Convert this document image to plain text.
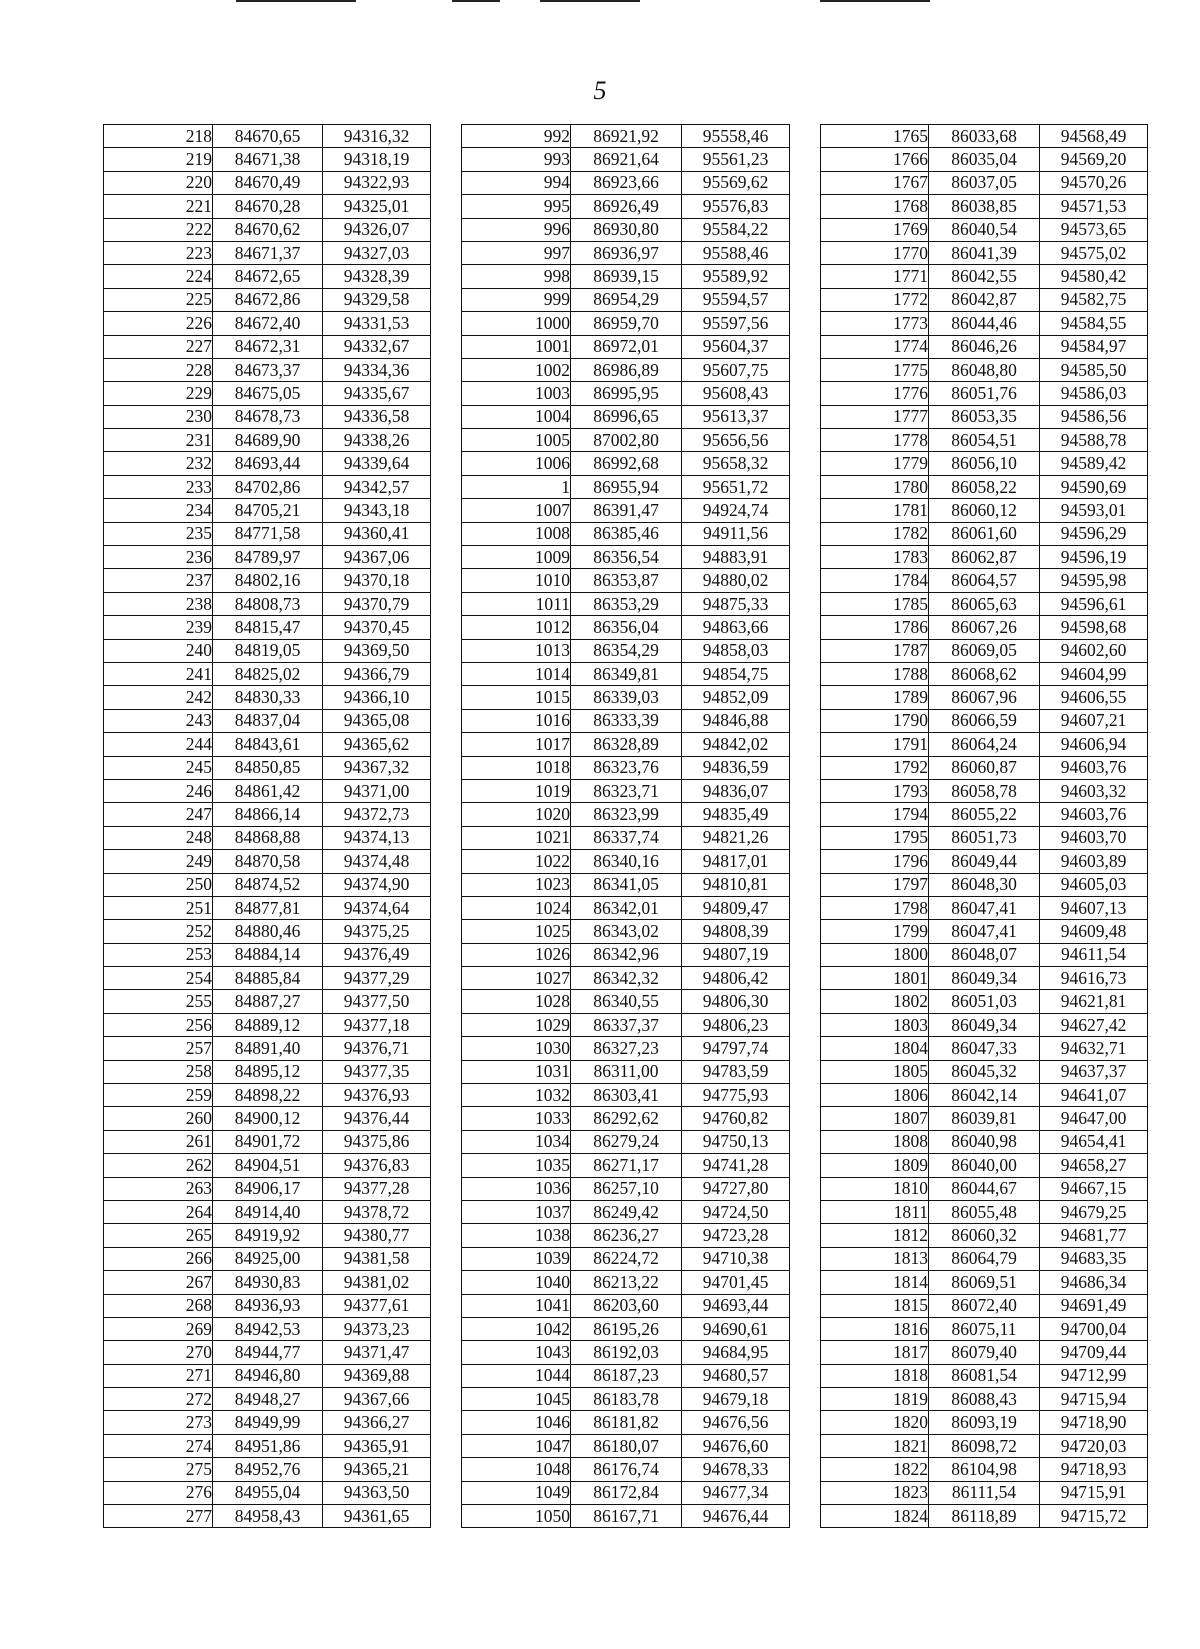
5
218	84670,65	94316,32
219	84671,38	94318,19
220	84670,49	94322,93
221	84670,28	94325,01
222	84670,62	94326,07
223	84671,37	94327,03
224	84672,65	94328,39
225	84672,86	94329,58
226	84672,40	94331,53
227	84672,31	94332,67
228	84673,37	94334,36
229	84675,05	94335,67
230	84678,73	94336,58
231	84689,90	94338,26
232	84693,44	94339,64
233	84702,86	94342,57
234	84705,21	94343,18
235	84771,58	94360,41
236	84789,97	94367,06
237	84802,16	94370,18
238	84808,73	94370,79
239	84815,47	94370,45
240	84819,05	94369,50
241	84825,02	94366,79
242	84830,33	94366,10
243	84837,04	94365,08
244	84843,61	94365,62
245	84850,85	94367,32
246	84861,42	94371,00
247	84866,14	94372,73
248	84868,88	94374,13
249	84870,58	94374,48
250	84874,52	94374,90
251	84877,81	94374,64
252	84880,46	94375,25
253	84884,14	94376,49
254	84885,84	94377,29
255	84887,27	94377,50
256	84889,12	94377,18
257	84891,40	94376,71
258	84895,12	94377,35
259	84898,22	94376,93
260	84900,12	94376,44
261	84901,72	94375,86
262	84904,51	94376,83
263	84906,17	94377,28
264	84914,40	94378,72
265	84919,92	94380,77
266	84925,00	94381,58
267	84930,83	94381,02
268	84936,93	94377,61
269	84942,53	94373,23
270	84944,77	94371,47
271	84946,80	94369,88
272	84948,27	94367,66
273	84949,99	94366,27
274	84951,86	94365,91
275	84952,76	94365,21
276	84955,04	94363,50
277	84958,43	94361,65
992	86921,92	95558,46
993	86921,64	95561,23
994	86923,66	95569,62
995	86926,49	95576,83
996	86930,80	95584,22
997	86936,97	95588,46
998	86939,15	95589,92
999	86954,29	95594,57
1000	86959,70	95597,56
1001	86972,01	95604,37
1002	86986,89	95607,75
1003	86995,95	95608,43
1004	86996,65	95613,37
1005	87002,80	95656,56
1006	86992,68	95658,32
1	86955,94	95651,72
1007	86391,47	94924,74
1008	86385,46	94911,56
1009	86356,54	94883,91
1010	86353,87	94880,02
1011	86353,29	94875,33
1012	86356,04	94863,66
1013	86354,29	94858,03
1014	86349,81	94854,75
1015	86339,03	94852,09
1016	86333,39	94846,88
1017	86328,89	94842,02
1018	86323,76	94836,59
1019	86323,71	94836,07
1020	86323,99	94835,49
1021	86337,74	94821,26
1022	86340,16	94817,01
1023	86341,05	94810,81
1024	86342,01	94809,47
1025	86343,02	94808,39
1026	86342,96	94807,19
1027	86342,32	94806,42
1028	86340,55	94806,30
1029	86337,37	94806,23
1030	86327,23	94797,74
1031	86311,00	94783,59
1032	86303,41	94775,93
1033	86292,62	94760,82
1034	86279,24	94750,13
1035	86271,17	94741,28
1036	86257,10	94727,80
1037	86249,42	94724,50
1038	86236,27	94723,28
1039	86224,72	94710,38
1040	86213,22	94701,45
1041	86203,60	94693,44
1042	86195,26	94690,61
1043	86192,03	94684,95
1044	86187,23	94680,57
1045	86183,78	94679,18
1046	86181,82	94676,56
1047	86180,07	94676,60
1048	86176,74	94678,33
1049	86172,84	94677,34
1050	86167,71	94676,44
1765	86033,68	94568,49
1766	86035,04	94569,20
1767	86037,05	94570,26
1768	86038,85	94571,53
1769	86040,54	94573,65
1770	86041,39	94575,02
1771	86042,55	94580,42
1772	86042,87	94582,75
1773	86044,46	94584,55
1774	86046,26	94584,97
1775	86048,80	94585,50
1776	86051,76	94586,03
1777	86053,35	94586,56
1778	86054,51	94588,78
1779	86056,10	94589,42
1780	86058,22	94590,69
1781	86060,12	94593,01
1782	86061,60	94596,29
1783	86062,87	94596,19
1784	86064,57	94595,98
1785	86065,63	94596,61
1786	86067,26	94598,68
1787	86069,05	94602,60
1788	86068,62	94604,99
1789	86067,96	94606,55
1790	86066,59	94607,21
1791	86064,24	94606,94
1792	86060,87	94603,76
1793	86058,78	94603,32
1794	86055,22	94603,76
1795	86051,73	94603,70
1796	86049,44	94603,89
1797	86048,30	94605,03
1798	86047,41	94607,13
1799	86047,41	94609,48
1800	86048,07	94611,54
1801	86049,34	94616,73
1802	86051,03	94621,81
1803	86049,34	94627,42
1804	86047,33	94632,71
1805	86045,32	94637,37
1806	86042,14	94641,07
1807	86039,81	94647,00
1808	86040,98	94654,41
1809	86040,00	94658,27
1810	86044,67	94667,15
1811	86055,48	94679,25
1812	86060,32	94681,77
1813	86064,79	94683,35
1814	86069,51	94686,34
1815	86072,40	94691,49
1816	86075,11	94700,04
1817	86079,40	94709,44
1818	86081,54	94712,99
1819	86088,43	94715,94
1820	86093,19	94718,90
1821	86098,72	94720,03
1822	86104,98	94718,93
1823	86111,54	94715,91
1824	86118,89	94715,72
